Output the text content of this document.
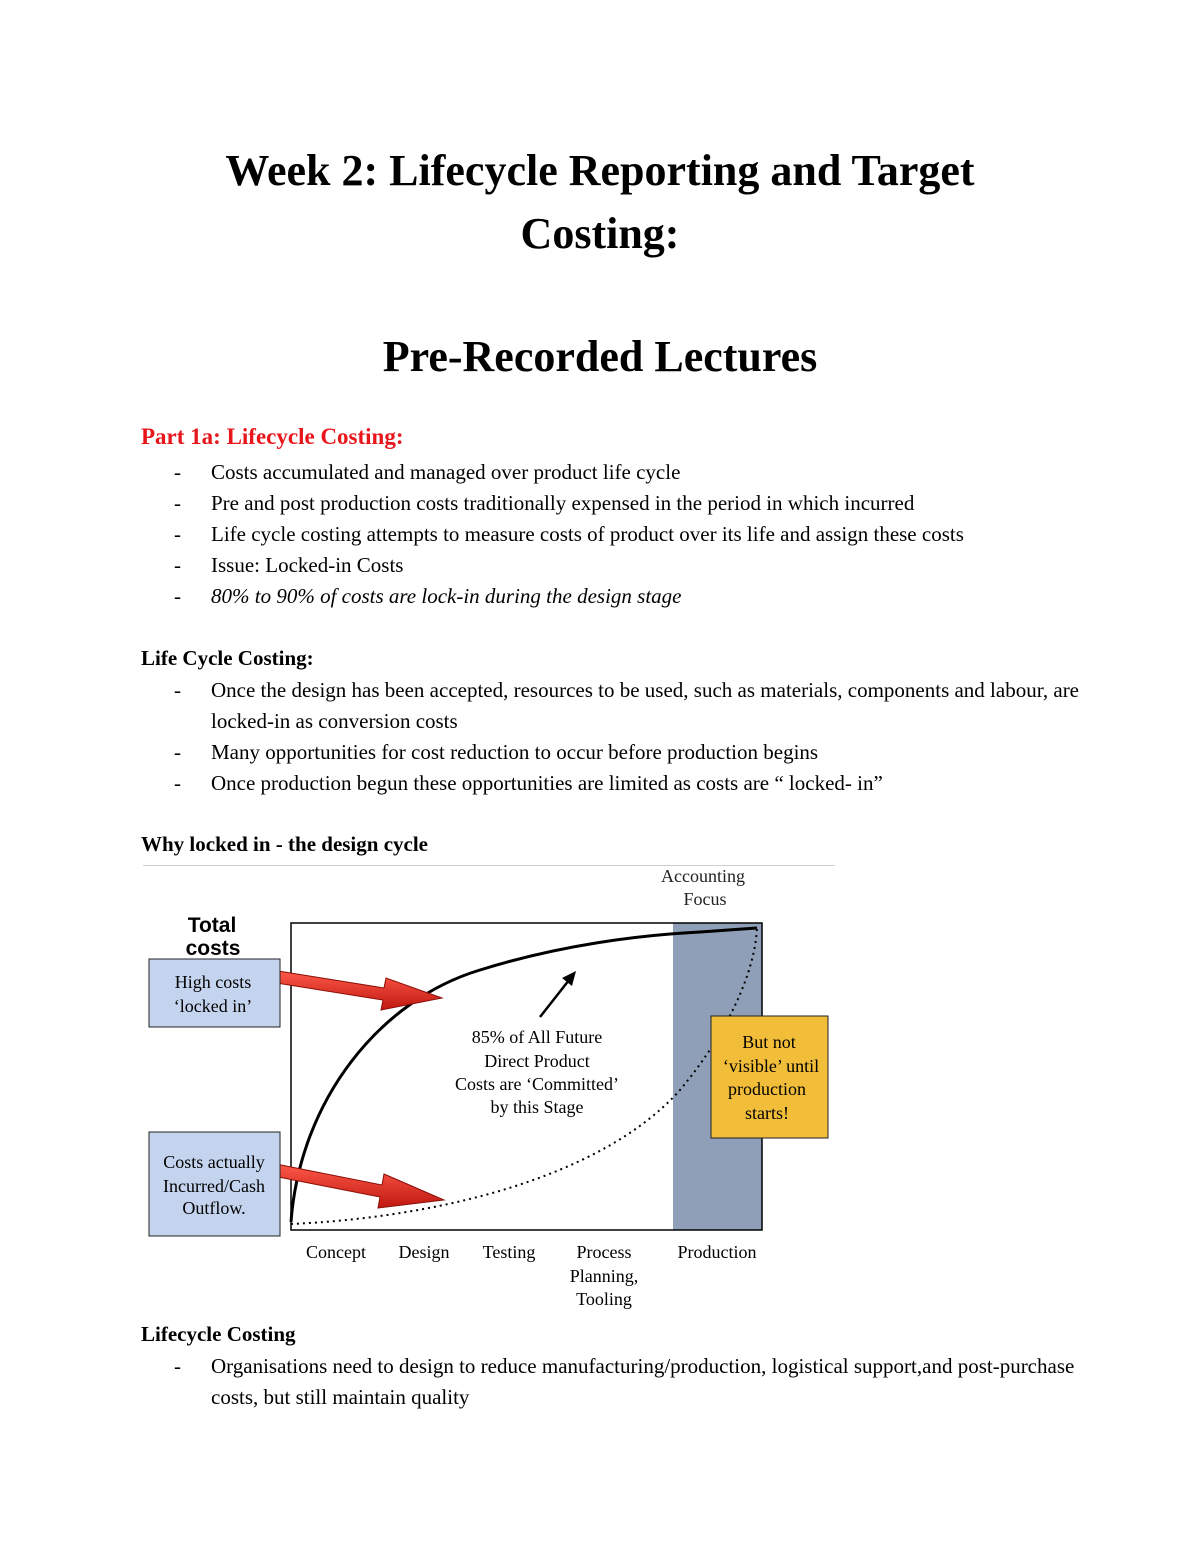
Week 2: Lifecycle Reporting and Target
Costing:
Pre-Recorded Lectures

Part 1a: Lifecycle Costing:

- Costs accumulated and managed over product life cycle
- Pre and post production costs traditionally expensed in the period in which incurred
- Life cycle costing attempts to measure costs of product over its life and assign these costs
- Issue: Locked-in Costs
- 80% to 90% of costs are lock-in during the design stage

Life Cycle Costing:

- Once the design has been accepted, resources to be used, such as materials, components and labour, are locked-in as conversion costs
- Many opportunities for cost reduction to occur before production begins
- Once production begun these opportunities are limited as costs are “ locked- in”

Why locked in - the design cycle

Accounting
Focus
Total
costs
High costs
‘locked in’
Costs actually
Incurred/Cash
Outflow.
85% of All Future
Direct Product
Costs are ‘Committed’
by this Stage
But not
‘visible’ until
production
starts!
Concept Design Testing Process
Planning,
Tooling
Production

Lifecycle Costing

- Organisations need to design to reduce manufacturing/production, logistical support,and post-purchase costs, but still maintain quality
